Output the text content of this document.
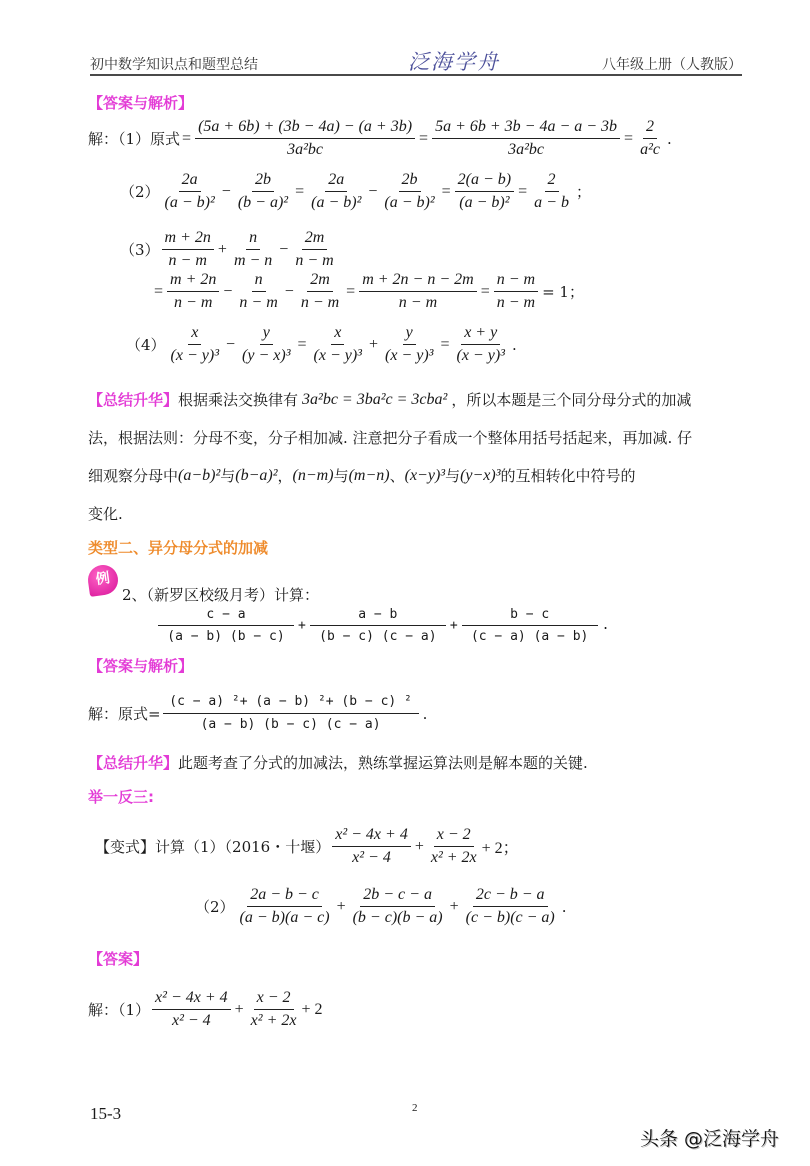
初中数学知识点和题型总结	泛海学舟	八年级上册（人教版）
【答案与解析】
解：（1）原式 = $\frac{(5a + 6b) + (3b - 4a) - (a + 3b)}{\text{3a²bc}} = \frac{5a + 6b + 3b - 4a - a - 3b}{\text{3a²bc}} = \frac{2}{\text{a²c}}$ .
$(2) \frac{2a}{\text{(a − b)²}} - \frac{2b}{\text{(b − a)²}} = \frac{2a}{\text{(a − b)²}} - \frac{2b}{\text{(a − b)²}} = \frac{2(a - b)}{\text{(a − b)²}} = \frac{2}{a - b}$ ；
$(3) \frac{m + 2n}{n - m} + \frac{n}{m - n} - \frac{2m}{n - m}$
= $\frac{m + 2n}{n - m} - \frac{n}{n - m} - \frac{2m}{n - m} = \frac{m + 2n - n - 2m}{n - m} = \frac{n - m}{n - m} = 1$；
$(4) \frac{x}{\text{(x − y)³}} - \frac{y}{\text{(y − x)³}} = \frac{x}{\text{(x − y)³}} + \frac{y}{\text{(x − y)³}} = \frac{x + y}{\text{(x − y)³}}$ .
【总结升华】 根据乘法交换律有 3a²bc = 3ba²c = 3cba² ，所以本题是三个同分母分式的加减
法，根据法则：分母不变，分子相加减. 注意把分子看成一个整体用括号括起来，再加减. 仔
细观察分母中 (a−b)² 与 (b−a)² ， (n−m) 与 (m−n) 、 (x−y)³ 与 (y−x)³ 的互相转化中符号的
变化.
类型二、异分母分式的加减
例
2、（新罗区校级月考）计算：
$\frac{c - a}{(a - b) (b - c)} + \frac{a - b}{(b - c) (c - a)} + \frac{b - c}{(c - a) (a - b)}$ .
【答案与解析】
解：原式= $\frac{\text{(c − a) ²+ (a − b) ²+ (b − c) ²}}{(a - b) (b - c) (c - a)}$ .
【总结升华】 此题考查了分式的加减法，熟练掌握运算法则是解本题的关键.
举一反三:
【变式】计算（1）（2016・十堰） $\frac{\text{x² − 4x + 4}}{\text{x² − 4}} + \frac{x - 2}{\text{x² + 2x}} + 2$；
$(2) \frac{2a - b - c}{(a - b)(a - c)} + \frac{2b - c - a}{(b - c)(b - a)} + \frac{2c - b - a}{(c - b)(c - a)}$ .
【答案】
解：$(1) \frac{\text{x² − 4x + 4}}{\text{x² − 4}} + \frac{x - 2}{\text{x² + 2x}} + 2$
15-3	2
头条 @泛海学舟
